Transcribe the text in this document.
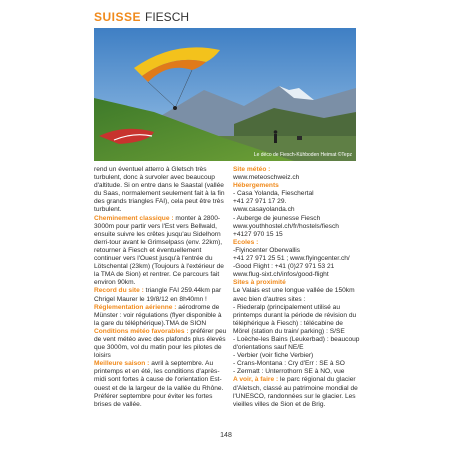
SUISSE FIESCH
Le déco de Fiesch-Kühboden Heimat ©Tepz

rend un éventuel atterro à Gletsch très turbulent, donc à survoler avec beaucoup d'altitude. Si on entre dans le Saastal (vallée du Saas, normalement seulement fait à la fin des grands triangles FAI), cela peut être très turbulent.

Cheminement classique : monter à 2800-3000m pour partir vers l'Est vers Bellwald, ensuite suivre les crêtes jusqu'au Sidelhorn derri-tour avant le Grimselpass (env. 22km), retourner à Fiesch et éventuellement continuer vers l'Ouest jusqu'à l'entrée du Lötschental (23km) (Toujours à l'extérieur de la TMA de Sion) et rentrer. Ce parcours fait environ 90km.

Record du site : triangle FAI 259.44km par Chrigel Maurer le 19/8/12 en 8h40mn !

Réglementation aérienne : aérodrome de Münster : voir régulations (flyer disponible à la gare du téléphérique).TMA de SION

Conditions météo favorables : préférer peu de vent météo avec des plafonds plus élevés que 3000m, vol du matin pour les pilotes de loisirs

Meilleure saison : avril à septembre. Au printemps et en été, les conditions d'après-midi sont fortes à cause de l'orientation Est-ouest et de la largeur de la vallée du Rhône. Préférer septembre pour éviter les fortes brises de vallée.

Site météo :

www.meteoschweiz.ch

Hébergements

- Casa Yolanda, Fieschertal

+41 27 971 17 29.

www.casayolanda.ch

- Auberge de jeunesse Fiesch

www.youthhostel.ch/fr/hostels/fiesch

+4127 970 15 15

Ecoles :

-Flyincenter Oberwallis

+41 27 971 25 51 ; www.flyingcenter.ch/

-Good Flight : +41 (0)27 971 53 21

www.flug-sixt.ch/infos/good-flight

Sites à proximité

Le Valais est une longue vallée de 150km avec bien d'autres sites :

- Riederalp (principalement utilisé au printemps durant la période de révision du téléphérique à Fiesch) : télécabine de Mörel (station du train/ parking) : S/SE

- Loèche-les Bains (Leukerbad) : beaucoup d'orientations sauf NE/E

- Verbier (voir fiche Verbier)

- Crans-Montana : Cry d'Err : SE à SO

- Zermatt : Unterrothorn SE à NO, vue

A voir, à faire : le parc régional du glacier d'Aletsch, classé au patrimoine mondial de l'UNESCO, randonnées sur le glacier. Les vieilles villes de Sion et de Brig.

148
